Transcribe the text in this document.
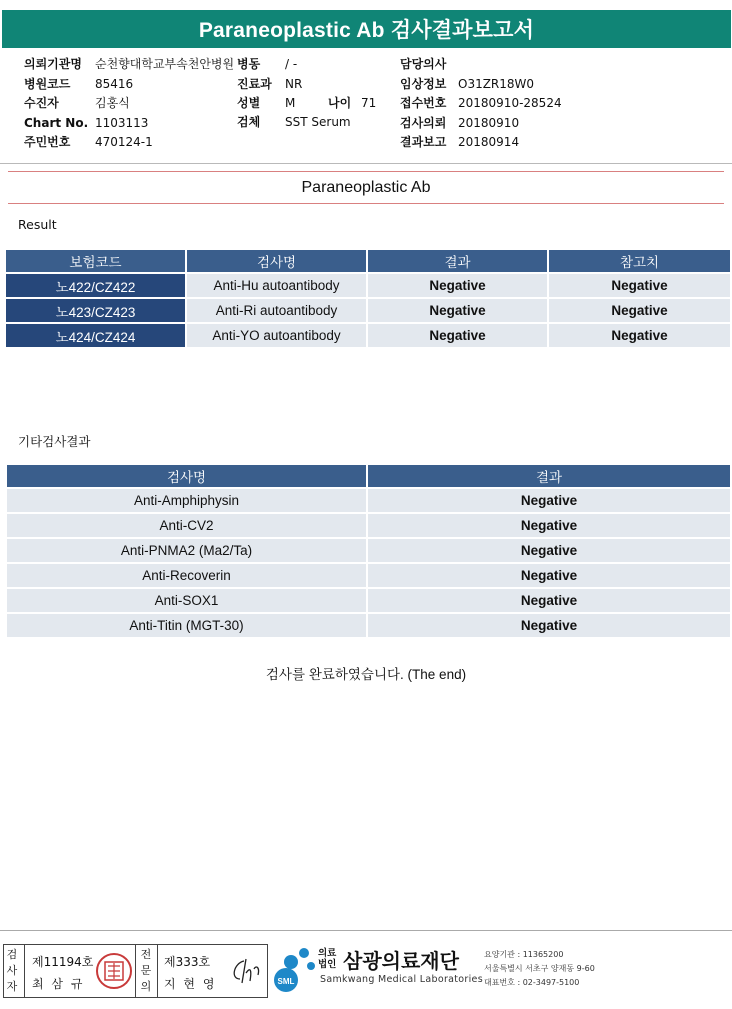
Paraneoplastic Ab 검사결과보고서
의뢰기관명 순천향대학교부속천안병원
병원코드 85416
수진자	김홍식
Chart No. 1103113
주민번호 470124-1
병동 / -
진료과 NR
성별 M	나이 71

검체 SST Serum
담당의사
임상정보 O31ZR18W0
접수번호 20180910-28524
검사의뢰 20180910
결과보고 20180914
Paraneoplastic Ab
Result
보험코드	검사명	결과	참고치
노422/CZ422	Anti-Hu autoantibody	Negative	Negative
노423/CZ423	Anti-Ri autoantibody	Negative	Negative
노424/CZ424	Anti-YO autoantibody	Negative	Negative
기타검사결과
검사명	결과
Anti-Amphiphysin	Negative
Anti-CV2	Negative
Anti-PNMA2 (Ma2/Ta)	Negative
Anti-Recoverin	Negative
Anti-SOX1	Negative
Anti-Titin (MGT-30)	Negative
검사를 완료하였습니다. (The end)
검사자
제11194호
최 삼 규
전문의
제333호
지 현 영	SML
의료
법인 삼광의료재단
Samkwang Medical Laboratories
요양기관 : 11365200
서울특별시 서초구 양재동 9-60
대표번호 : 02-3497-5100
